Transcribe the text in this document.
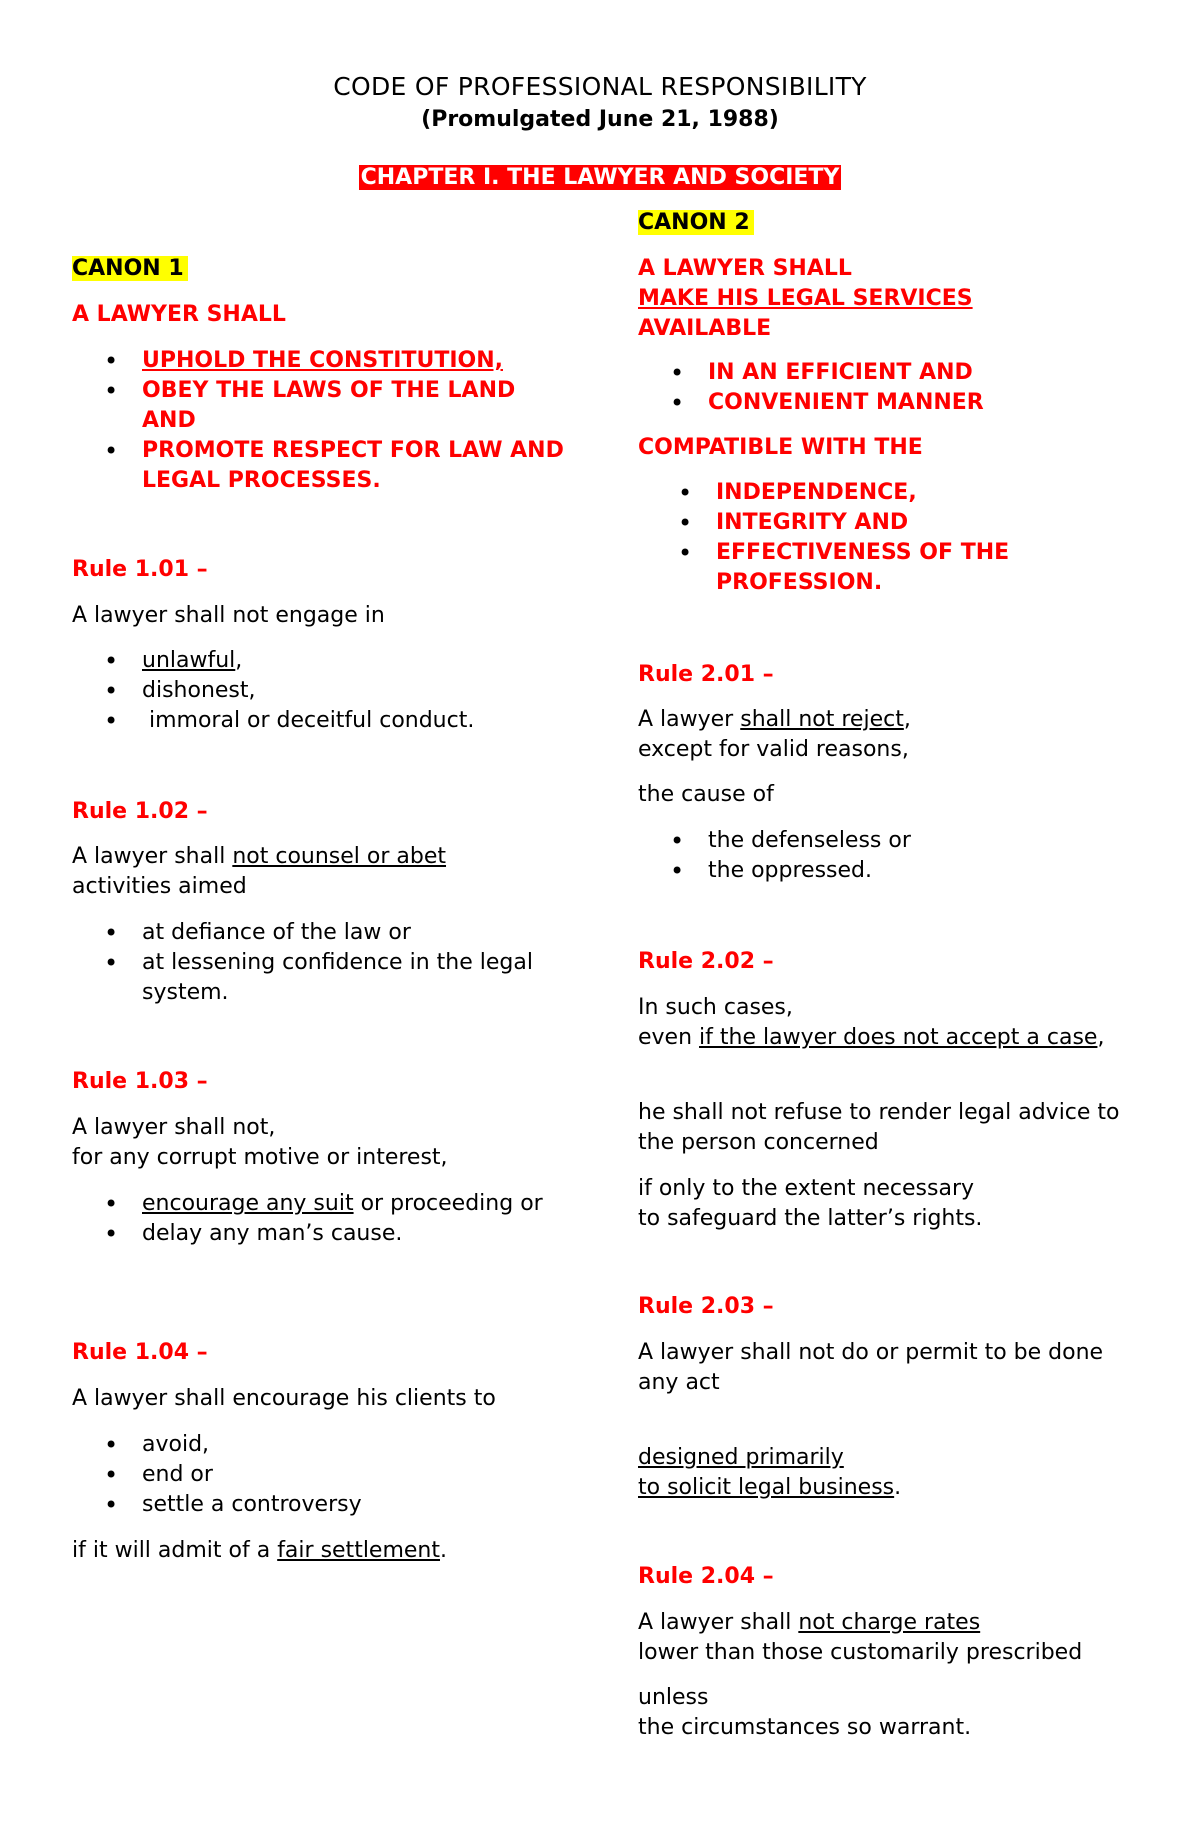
CODE OF PROFESSIONAL RESPONSIBILITY
(Promulgated June 21, 1988)
CHAPTER I. THE LAWYER AND SOCIETY
CANON 1
A LAWYER SHALL
• UPHOLD THE CONSTITUTION,
• OBEY THE LAWS OF THE LAND AND
• PROMOTE RESPECT FOR LAW AND LEGAL PROCESSES.
Rule 1.01 –
A lawyer shall not engage in
• unlawful,
• dishonest,
•  immoral or deceitful conduct.
Rule 1.02 –
A lawyer shall not counsel or abet
activities aimed
• at defiance of the law or
• at lessening confidence in the legal system.
Rule 1.03 –
A lawyer shall not,
for any corrupt motive or interest,
• encourage any suit or proceeding or
• delay any man’s cause.
Rule 1.04 –
A lawyer shall encourage his clients to
• avoid,
• end or
• settle a controversy
if it will admit of a fair settlement.
CANON 2
A LAWYER SHALL
MAKE HIS LEGAL SERVICES
AVAILABLE
• IN AN EFFICIENT AND
• CONVENIENT MANNER
COMPATIBLE WITH THE
• INDEPENDENCE,
• INTEGRITY AND
• EFFECTIVENESS OF THE PROFESSION.
Rule 2.01 –
A lawyer shall not reject,
except for valid reasons,
the cause of
• the defenseless or
• the oppressed.
Rule 2.02 –
In such cases,
even if the lawyer does not accept a case,
he shall not refuse to render legal advice to the person concerned
if only to the extent necessary
to safeguard the latter’s rights.
Rule 2.03 –
A lawyer shall not do or permit to be done
any act
designed primarily
to solicit legal business.
Rule 2.04 –
A lawyer shall not charge rates
lower than those customarily prescribed
unless
the circumstances so warrant.
